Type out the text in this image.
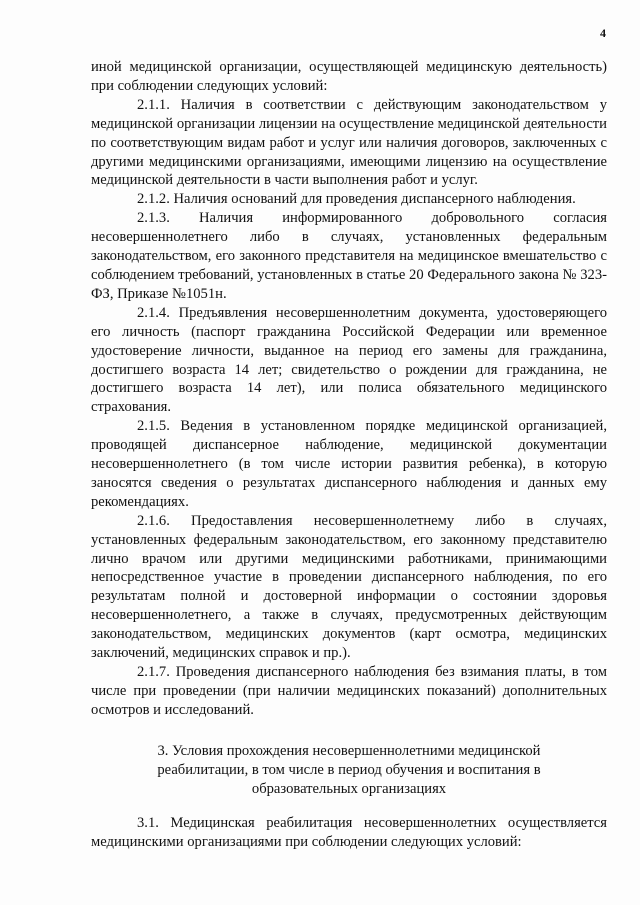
4

иной медицинской организации, осуществляющей медицинскую деятельность) при соблюдении следующих условий:

2.1.1. Наличия в соответствии с действующим законодательством у медицинской организации лицензии на осуществление медицинской деятельности по соответствующим видам работ и услуг или наличия договоров, заключенных с другими медицинскими организациями, имеющими лицензию на осуществление медицинской деятельности в части выполнения работ и услуг.

2.1.2. Наличия оснований для проведения диспансерного наблюдения.

2.1.3. Наличия информированного добровольного согласия несовершеннолетнего либо в случаях, установленных федеральным законодательством, его законного представителя на медицинское вмешательство с соблюдением требований, установленных в статье 20 Федерального закона № 323-ФЗ, Приказе №1051н.

2.1.4. Предъявления несовершеннолетним документа, удостоверяющего его личность (паспорт гражданина Российской Федерации или временное удостоверение личности, выданное на период его замены для гражданина, достигшего возраста 14 лет; свидетельство о рождении для гражданина, не достигшего возраста 14 лет), или полиса обязательного медицинского страхования.

2.1.5. Ведения в установленном порядке медицинской организацией, проводящей диспансерное наблюдение, медицинской документации несовершеннолетнего (в том числе истории развития ребенка), в которую заносятся сведения о результатах диспансерного наблюдения и данных ему рекомендациях.

2.1.6. Предоставления несовершеннолетнему либо в случаях, установленных федеральным законодательством, его законному представителю лично врачом или другими медицинскими работниками, принимающими непосредственное участие в проведении диспансерного наблюдения, по его результатам полной и достоверной информации о состоянии здоровья несовершеннолетнего, а также в случаях, предусмотренных действующим законодательством, медицинских документов (карт осмотра, медицинских заключений, медицинских справок и пр.).

2.1.7. Проведения диспансерного наблюдения без взимания платы, в том числе при проведении (при наличии медицинских показаний) дополнительных осмотров и исследований.

3. Условия прохождения несовершеннолетними медицинской
реабилитации, в том числе в период обучения и воспитания в
образовательных организациях

3.1. Медицинская реабилитация несовершеннолетних осуществляется медицинскими организациями при соблюдении следующих условий:
